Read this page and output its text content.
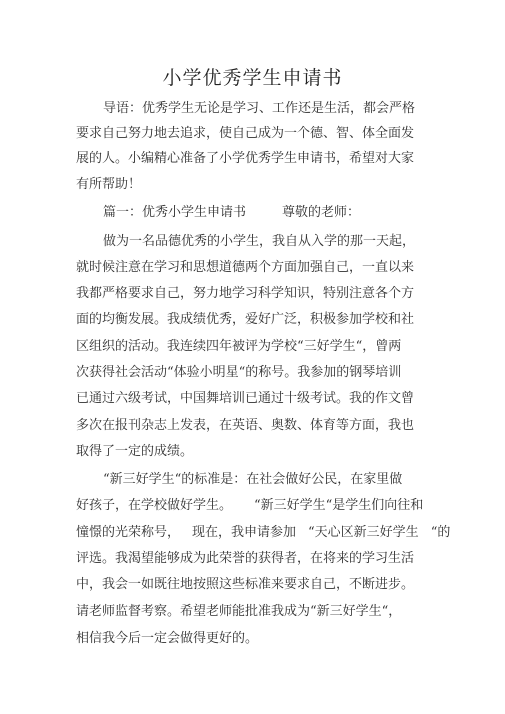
小学优秀学生申请书
导语：优秀学生无论是学习、工作还是生活，都会严格
要求自己努力地去追求，使自己成为一个德、智、体全面发
展的人。小编精心准备了小学优秀学生申请书，希望对大家
有所帮助！
篇一：优秀小学生申请书	尊敬的老师：
做为一名品德优秀的小学生，我自从入学的那一天起，
就时候注意在学习和思想道德两个方面加强自己，一直以来
我都严格要求自己，努力地学习科学知识，特别注意各个方
面的均衡发展。我成绩优秀，爱好广泛，积极参加学校和社
区组织的活动。我连续四年被评为学校“三好学生“，曾两
次获得社会活动“体验小明星“的称号。我参加的钢琴培训
已通过六级考试，中国舞培训已通过十级考试。我的作文曾
多次在报刊杂志上发表，在英语、奥数、体育等方面，我也
取得了一定的成绩。
“新三好学生“的标准是：在社会做好公民，在家里做
好孩子，在学校做好学生。 “新三好学生“是学生们向往和
憧憬的光荣称号， 现在，我申请参加 “天心区新三好学生 “的
评选。我渴望能够成为此荣誉的获得者，在将来的学习生活
中，我会一如既往地按照这些标准来要求自己，不断进步。
请老师监督考察。希望老师能批准我成为“新三好学生“，
相信我今后一定会做得更好的。
